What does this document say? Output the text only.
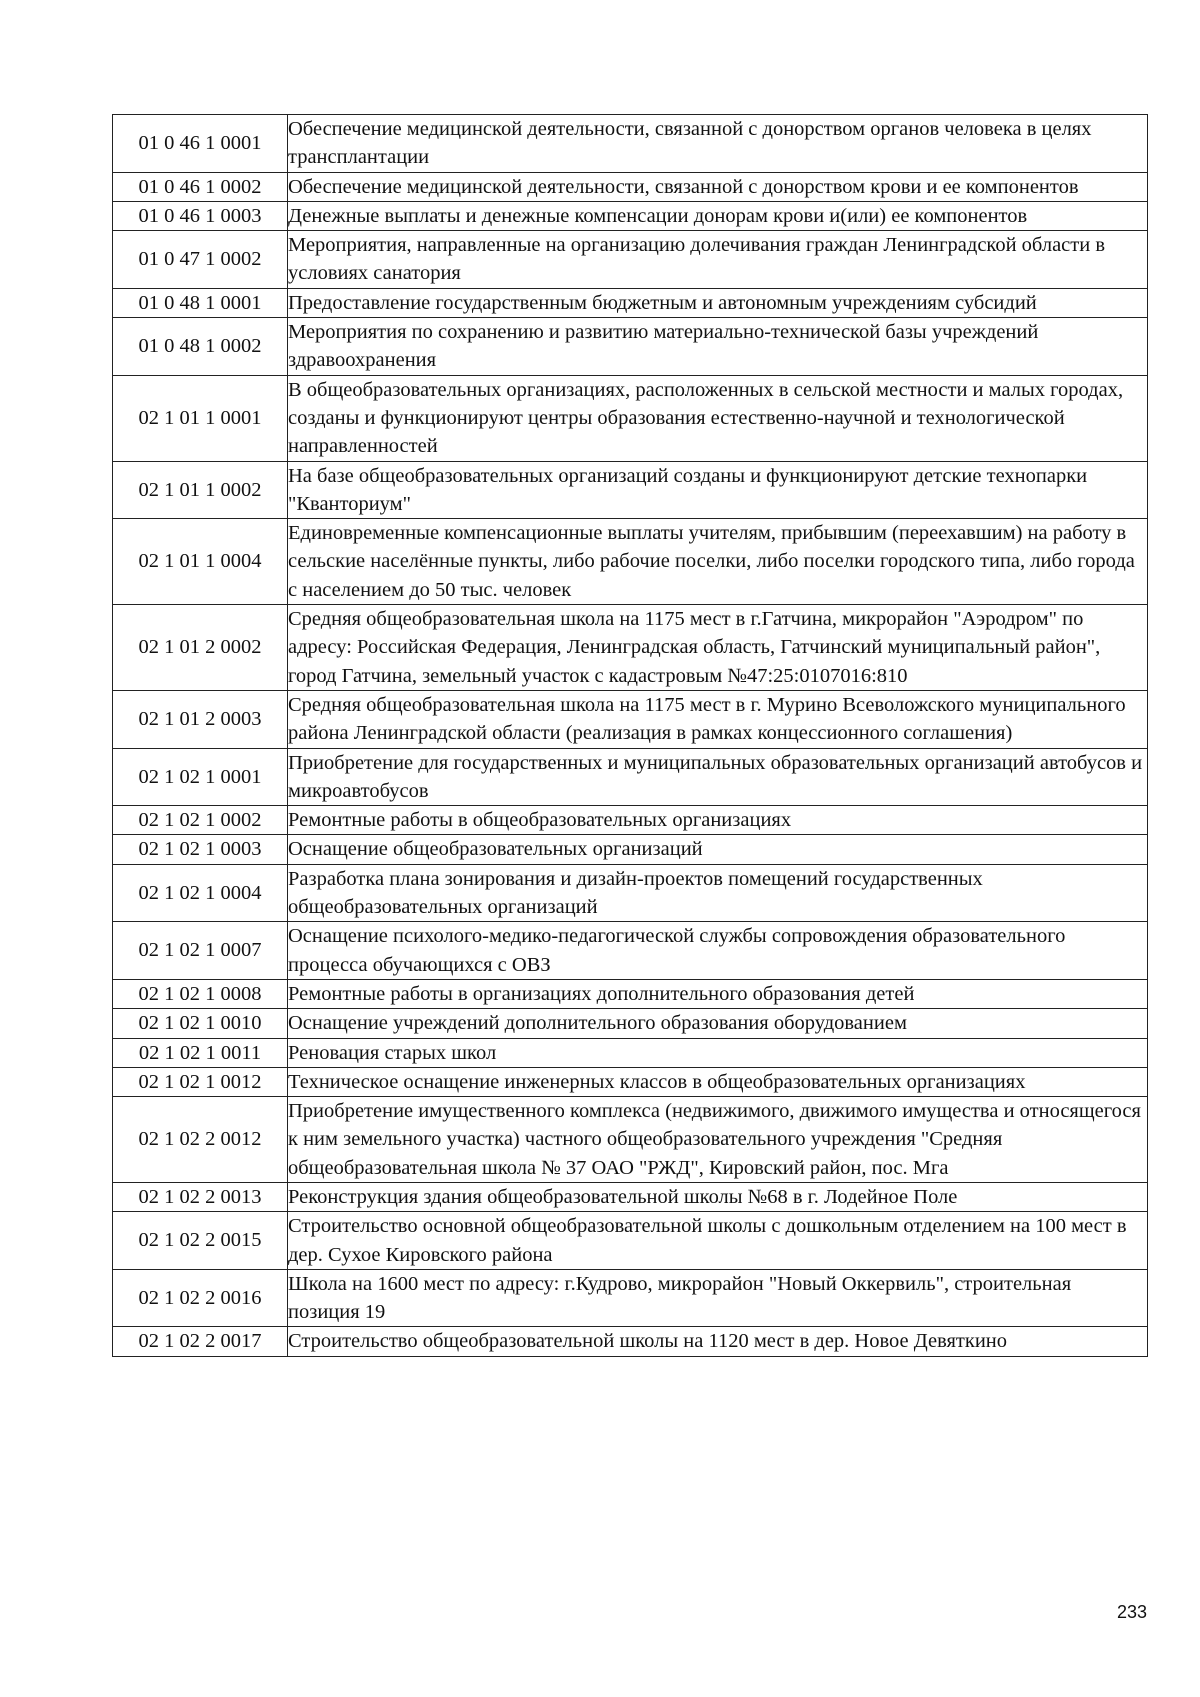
01 0 46 1 0001	Обеспечение медицинской деятельности, связанной с донорством органов человека в целях трансплантации
01 0 46 1 0002	Обеспечение медицинской деятельности, связанной с донорством крови и ее компонентов
01 0 46 1 0003	Денежные выплаты и денежные компенсации донорам крови и(или) ее компонентов
01 0 47 1 0002	Мероприятия, направленные на организацию долечивания граждан Ленинградской области в условиях санатория
01 0 48 1 0001	Предоставление государственным бюджетным и автономным учреждениям субсидий
01 0 48 1 0002	Мероприятия по сохранению и развитию материально-технической базы учреждений здравоохранения
02 1 01 1 0001	В общеобразовательных организациях, расположенных в сельской местности и малых городах, созданы и функционируют центры образования естественно-научной и технологической направленностей
02 1 01 1 0002	На базе общеобразовательных организаций созданы и функционируют детские технопарки "Кванториум"
02 1 01 1 0004	Единовременные компенсационные выплаты учителям, прибывшим (переехавшим) на работу в сельские населённые пункты, либо рабочие поселки, либо поселки городского типа, либо города с населением до 50 тыс. человек
02 1 01 2 0002	Средняя общеобразовательная школа на 1175 мест в г.Гатчина, микрорайон "Аэродром" по адресу: Российская Федерация, Ленинградская область, Гатчинский муниципальный район", город Гатчина, земельный участок с кадастровым №47:25:0107016:810
02 1 01 2 0003	Средняя общеобразовательная школа на 1175 мест в г. Мурино Всеволожского муниципального района Ленинградской области (реализация в рамках концессионного соглашения)
02 1 02 1 0001	Приобретение для государственных и муниципальных образовательных организаций автобусов и микроавтобусов
02 1 02 1 0002	Ремонтные работы в общеобразовательных организациях
02 1 02 1 0003	Оснащение общеобразовательных организаций
02 1 02 1 0004	Разработка плана зонирования и дизайн-проектов помещений государственных общеобразовательных организаций
02 1 02 1 0007	Оснащение психолого-медико-педагогической службы сопровождения образовательного процесса обучающихся с ОВЗ
02 1 02 1 0008	Ремонтные работы в организациях дополнительного образования детей
02 1 02 1 0010	Оснащение учреждений дополнительного образования оборудованием
02 1 02 1 0011	Реновация старых школ
02 1 02 1 0012	Техническое оснащение инженерных классов в общеобразовательных организациях
02 1 02 2 0012	Приобретение имущественного комплекса (недвижимого, движимого имущества и относящегося к ним земельного участка) частного общеобразовательного учреждения "Средняя общеобразовательная школа № 37 ОАО "РЖД", Кировский район, пос. Мга
02 1 02 2 0013	Реконструкция здания общеобразовательной школы №68 в г. Лодейное Поле
02 1 02 2 0015	Строительство основной общеобразовательной школы с дошкольным отделением на 100 мест в дер. Сухое Кировского района
02 1 02 2 0016	Школа на 1600 мест по адресу: г.Кудрово, микрорайон "Новый Оккервиль", строительная позиция 19
02 1 02 2 0017	Строительство общеобразовательной школы на 1120 мест в дер. Новое Девяткино
233
